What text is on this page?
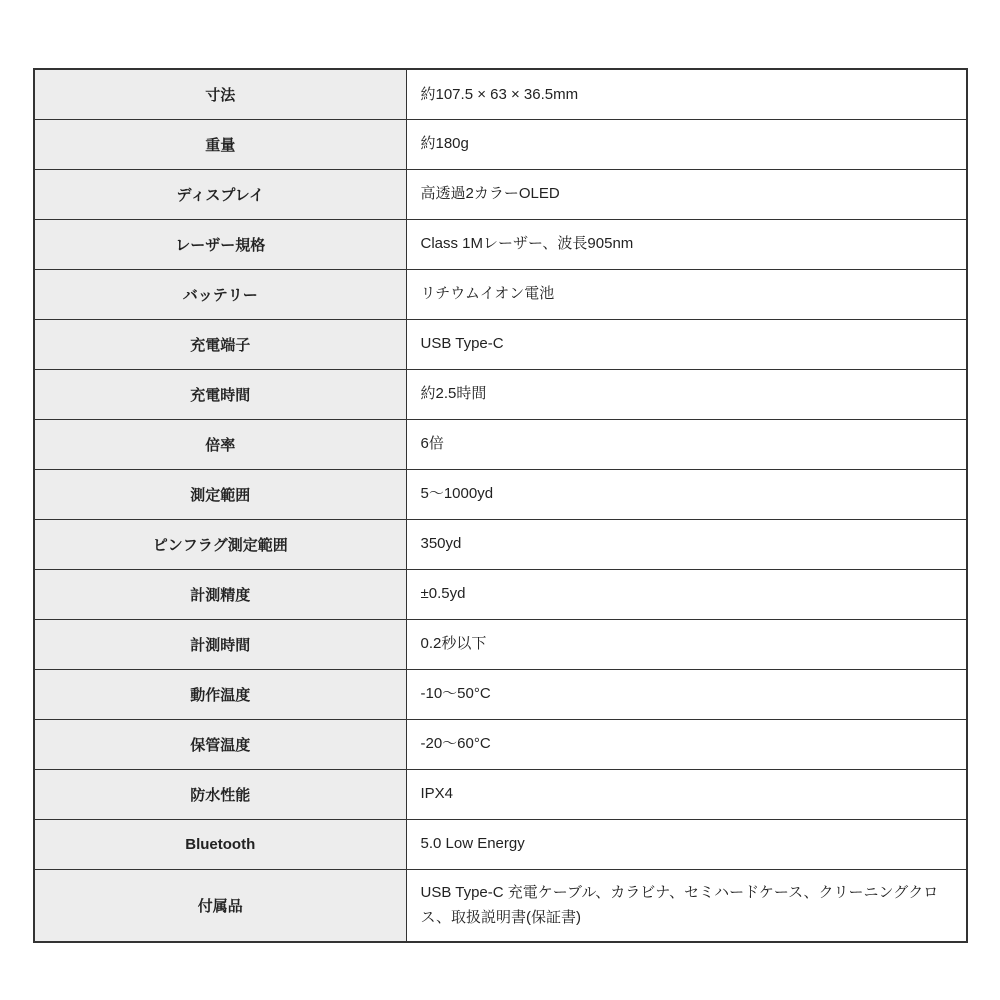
寸法	約107.5 × 63 × 36.5mm
重量	約180g
ディスプレイ	高透過2カラーOLED
レーザー規格	Class 1Mレーザー、波長905nm
バッテリー	リチウムイオン電池
充電端子	USB Type-C
充電時間	約2.5時間
倍率	6倍
測定範囲	5〜1000yd
ピンフラグ測定範囲	350yd
計測精度	±0.5yd
計測時間	0.2秒以下
動作温度	-10〜50°C
保管温度	-20〜60°C
防水性能	IPX4
Bluetooth	5.0 Low Energy
付属品	USB Type-C 充電ケーブル、カラビナ、セミハードケース、クリーニングクロス、取扱説明書(保証書)
